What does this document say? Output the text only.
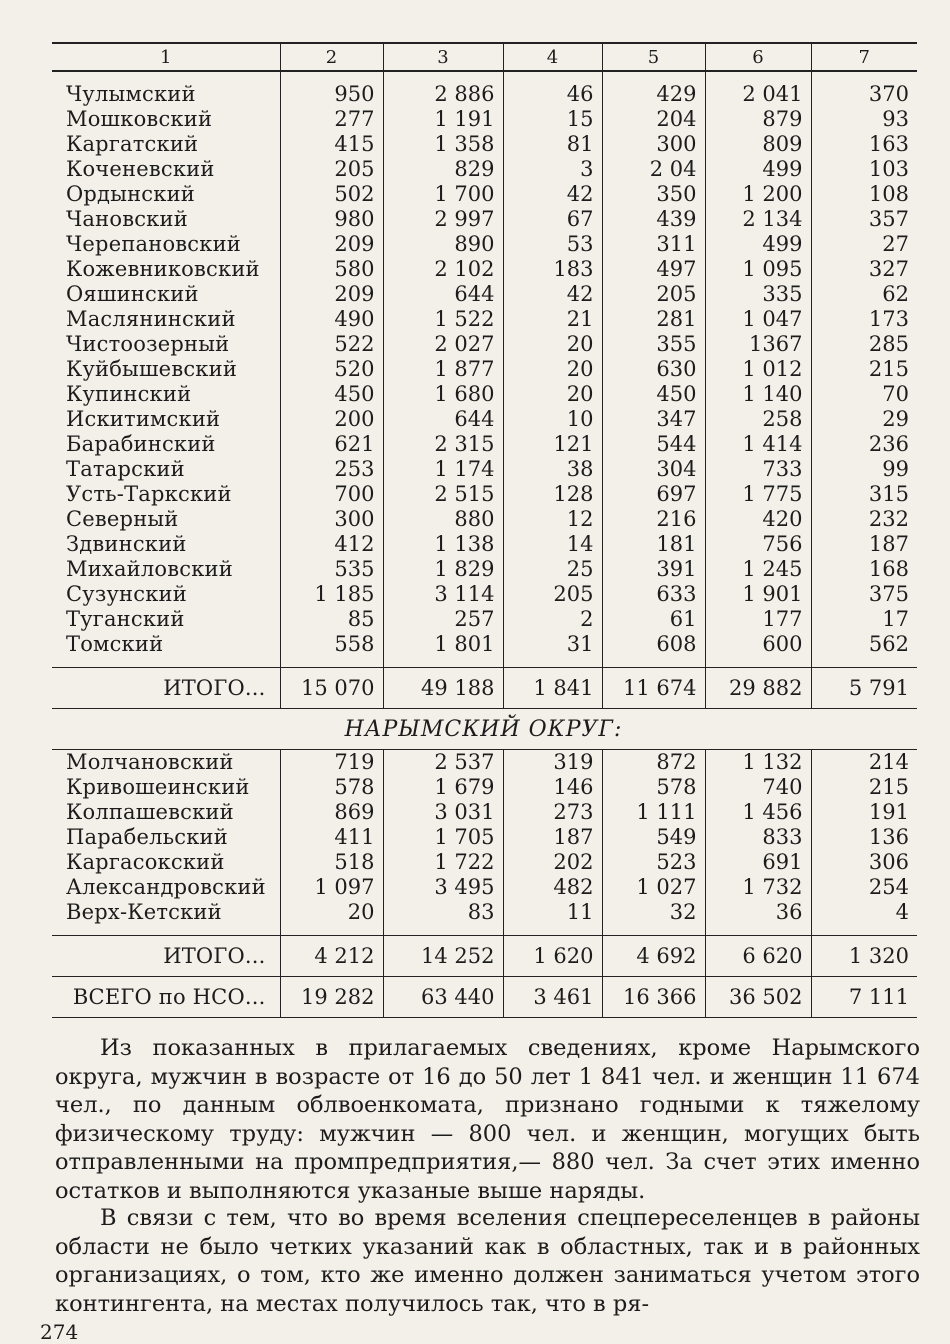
1	2	3	4	5	6	7

Чулымский	950	2 886	46	429	2 041	370
Мошковский	277	1 191	15	204	879	93
Каргатский	415	1 358	81	300	809	163
Коченевский	205	829	3	2 04	499	103
Ордынский	502	1 700	42	350	1 200	108
Чановский	980	2 997	67	439	2 134	357
Черепановский	209	890	53	311	499	27
Кожевниковский	580	2 102	183	497	1 095	327
Ояшинский	209	644	42	205	335	62
Маслянинский	490	1 522	21	281	1 047	173
Чистоозерный	522	2 027	20	355	1367	285
Куйбышевский	520	1 877	20	630	1 012	215
Купинский	450	1 680	20	450	1 140	70
Искитимский	200	644	10	347	258	29
Барабинский	621	2 315	121	544	1 414	236
Татарский	253	1 174	38	304	733	99
Усть-Таркский	700	2 515	128	697	1 775	315
Северный	300	880	12	216	420	232
Здвинский	412	1 138	14	181	756	187
Михайловский	535	1 829	25	391	1 245	168
Сузунский	1 185	3 114	205	633	1 901	375
Туганский	85	257	2	61	177	17
Томский	558	1 801	31	608	600	562

ИТОГО...	15 070	49 188	1 841	11 674	29 882	5 791
НАРЫМСКИЙ ОКРУГ:						
Молчановский	719	2 537	319	872	1 132	214
Кривошеинский	578	1 679	146	578	740	215
Колпашевский	869	3 031	273	1 111	1 456	191
Парабельский	411	1 705	187	549	833	136
Каргасокский	518	1 722	202	523	691	306
Александровский	1 097	3 495	482	1 027	1 732	254
Верх-Кетский	20	83	11	32	36	4

ИТОГО...	4 212	14 252	1 620	4 692	6 620	1 320
ВСЕГО по НСО...	19 282	63 440	3 461	16 366	36 502	7 111

Из показанных в прилагаемых сведениях, кроме Нарымского округа, мужчин в возрасте от 16 до 50 лет 1 841 чел. и женщин 11 674 чел., по данным облвоенкомата, признано годными к тяжелому физическому труду: мужчин — 800 чел. и женщин, могущих быть отправленными на промпредприятия,— 880 чел. За счет этих именно остатков и выполняются указаные выше наряды.

В связи с тем, что во время вселения спецпереселенцев в районы области не было четких указаний как в областных, так и в районных организациях, о том, кто же именно должен заниматься учетом этого контингента, на местах получилось так, что в ря-

274
